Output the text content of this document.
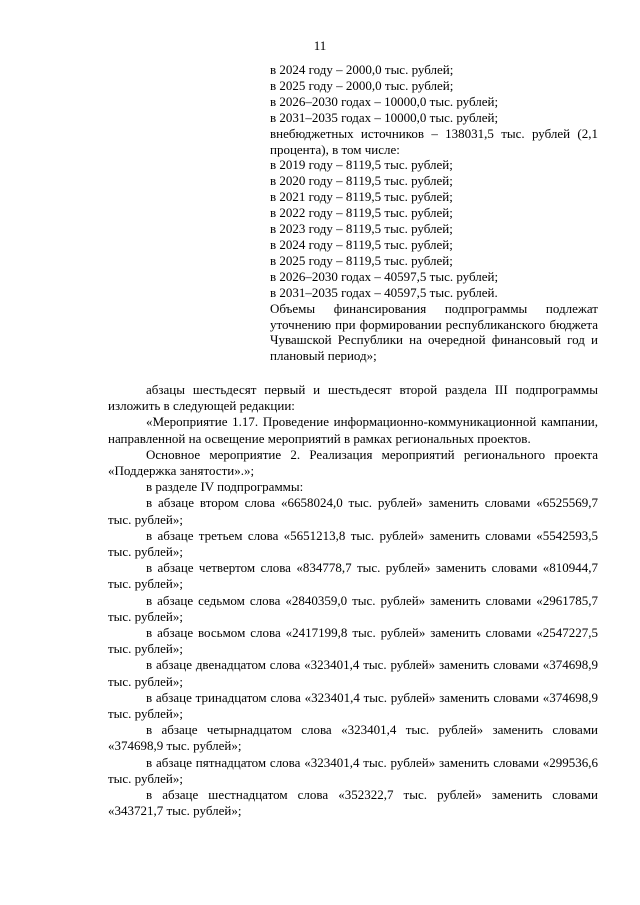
11
в 2024 году – 2000,0 тыс. рублей;
в 2025 году – 2000,0 тыс. рублей;
в 2026–2030 годах – 10000,0 тыс. рублей;
в 2031–2035 годах – 10000,0 тыс. рублей;
внебюджетных источников – 138031,5 тыс. рублей (2,1 процента), в том числе:
в 2019 году – 8119,5 тыс. рублей;
в 2020 году – 8119,5 тыс. рублей;
в 2021 году – 8119,5 тыс. рублей;
в 2022 году – 8119,5 тыс. рублей;
в 2023 году – 8119,5 тыс. рублей;
в 2024 году – 8119,5 тыс. рублей;
в 2025 году – 8119,5 тыс. рублей;
в 2026–2030 годах – 40597,5 тыс. рублей;
в 2031–2035 годах – 40597,5 тыс. рублей.
Объемы финансирования подпрограммы подлежат уточнению при формировании республиканского бюджета Чувашской Республики на очередной финансовый год и плановый период»;

абзацы шестьдесят первый и шестьдесят второй раздела III подпрограммы изложить в следующей редакции:

«Мероприятие 1.17. Проведение информационно-коммуникационной кампании, направленной на освещение мероприятий в рамках региональных проектов.

Основное мероприятие 2. Реализация мероприятий регионального проекта «Поддержка занятости».»;

в разделе IV подпрограммы:

в абзаце втором слова «6658024,0 тыс. рублей» заменить словами «6525569,7 тыс. рублей»;

в абзаце третьем слова «5651213,8 тыс. рублей» заменить словами «5542593,5 тыс. рублей»;

в абзаце четвертом слова «834778,7 тыс. рублей» заменить словами «810944,7 тыс. рублей»;

в абзаце седьмом слова «2840359,0 тыс. рублей» заменить словами «2961785,7 тыс. рублей»;

в абзаце восьмом слова «2417199,8 тыс. рублей» заменить словами «2547227,5 тыс. рублей»;

в абзаце двенадцатом слова «323401,4 тыс. рублей» заменить словами «374698,9 тыс. рублей»;

в абзаце тринадцатом слова «323401,4 тыс. рублей» заменить словами «374698,9 тыс. рублей»;

в абзаце четырнадцатом слова «323401,4 тыс. рублей» заменить словами «374698,9 тыс. рублей»;

в абзаце пятнадцатом слова «323401,4 тыс. рублей» заменить словами «299536,6 тыс. рублей»;

в абзаце шестнадцатом слова «352322,7 тыс. рублей» заменить словами «343721,7 тыс. рублей»;
